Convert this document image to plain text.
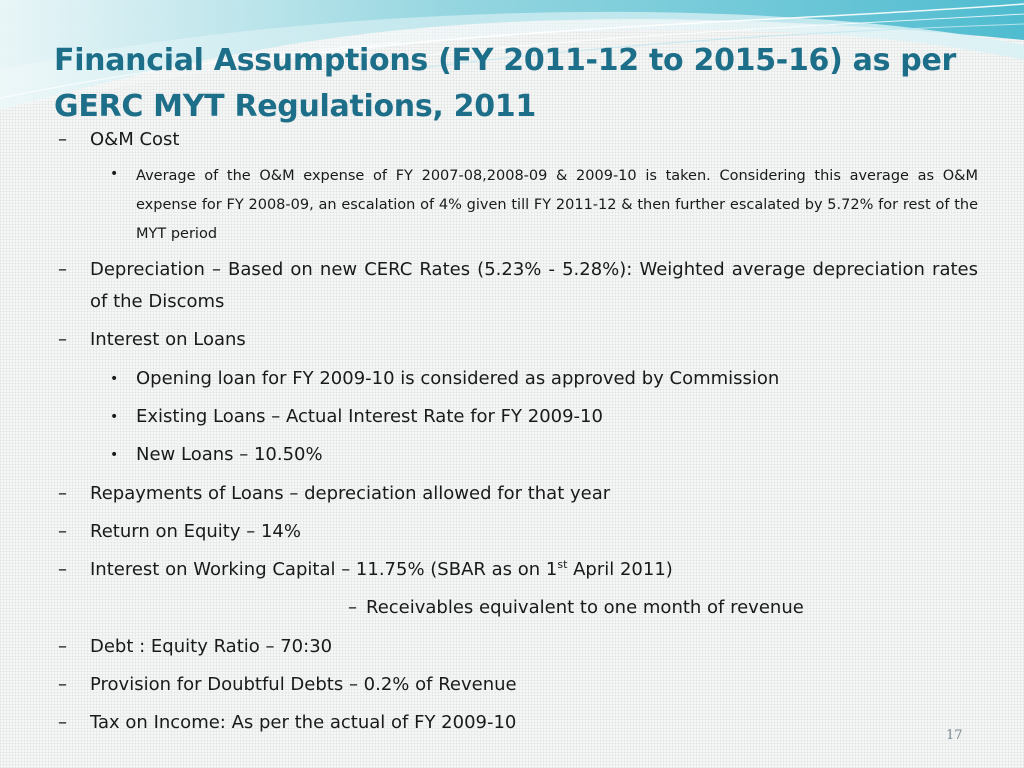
Financial Assumptions (FY 2011-12 to 2015-16) as per GERC MYT Regulations, 2011
– O&M Cost
• Average of the O&M expense of FY 2007-08,2008-09 & 2009-10 is taken. Considering this average as O&M expense for FY 2008-09, an escalation of 4% given till FY 2011-12 & then further escalated by 5.72% for rest of the MYT period
– Depreciation – Based on new CERC Rates (5.23% - 5.28%): Weighted average depreciation rates of the Discoms
– Interest on Loans
• Opening loan for FY 2009-10 is considered as approved by Commission
• Existing Loans – Actual Interest Rate for FY 2009-10
• New Loans – 10.50%
– Repayments of Loans – depreciation allowed for that year
– Return on Equity – 14%
– Interest on Working Capital – 11.75% (SBAR as on 1st April 2011)
– Receivables equivalent to one month of revenue
– Debt : Equity Ratio – 70:30
– Provision for Doubtful Debts – 0.2% of Revenue
– Tax on Income: As per the actual of FY 2009-10
17
